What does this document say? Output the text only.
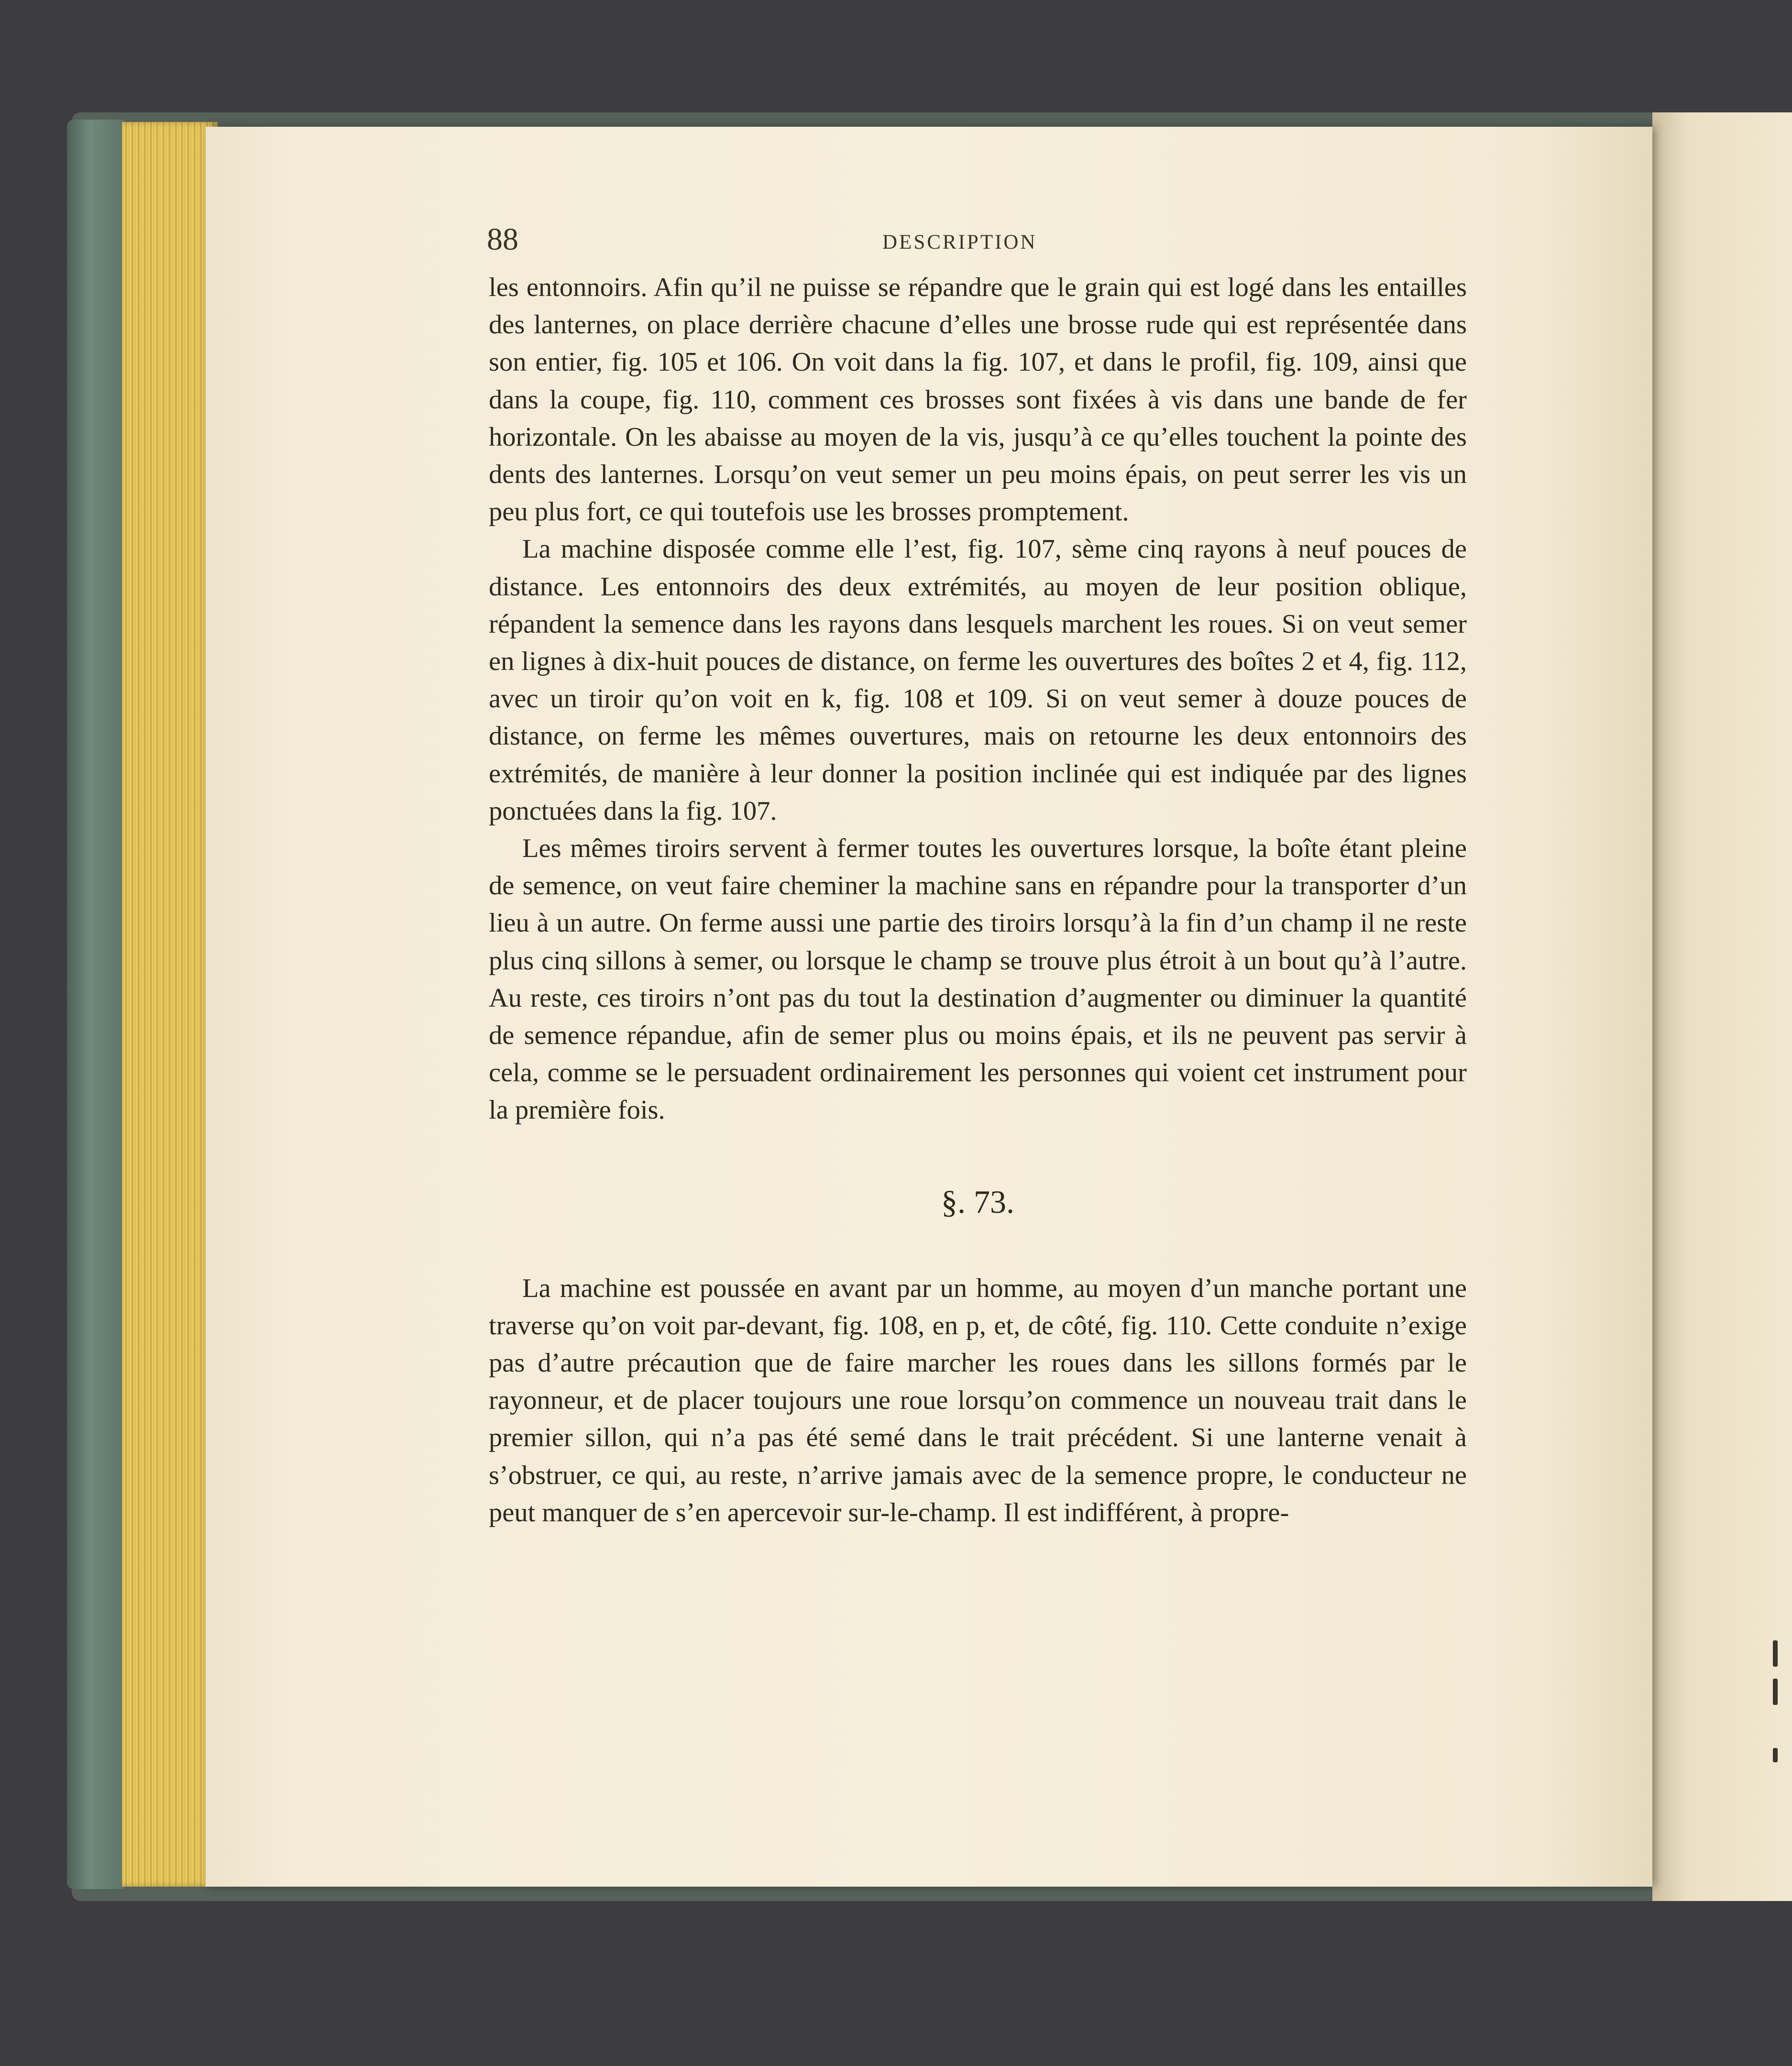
88	DESCRIPTION

les entonnoirs. Afin qu’il ne puisse se répandre que le grain qui est logé dans les entailles des lanternes, on place derrière chacune d’elles une brosse rude qui est représentée dans son entier, fig. 105 et 106. On voit dans la fig. 107, et dans le profil, fig. 109, ainsi que dans la coupe, fig. 110, comment ces brosses sont fixées à vis dans une bande de fer horizontale. On les abaisse au moyen de la vis, jusqu’à ce qu’elles touchent la pointe des dents des lanternes. Lorsqu’on veut semer un peu moins épais, on peut serrer les vis un peu plus fort, ce qui toutefois use les brosses promptement.

La machine disposée comme elle l’est, fig. 107, sème cinq rayons à neuf pouces de distance. Les entonnoirs des deux extrémités, au moyen de leur position oblique, répandent la semence dans les rayons dans lesquels marchent les roues. Si on veut semer en lignes à dix-huit pouces de distance, on ferme les ouvertures des boîtes 2 et 4, fig. 112, avec un tiroir qu’on voit en k, fig. 108 et 109. Si on veut semer à douze pouces de distance, on ferme les mêmes ouvertures, mais on retourne les deux entonnoirs des extrémités, de manière à leur donner la position inclinée qui est indiquée par des lignes ponctuées dans la fig. 107.

Les mêmes tiroirs servent à fermer toutes les ouvertures lorsque, la boîte étant pleine de semence, on veut faire cheminer la machine sans en répandre pour la transporter d’un lieu à un autre. On ferme aussi une partie des tiroirs lorsqu’à la fin d’un champ il ne reste plus cinq sillons à semer, ou lorsque le champ se trouve plus étroit à un bout qu’à l’autre. Au reste, ces tiroirs n’ont pas du tout la destination d’augmenter ou diminuer la quantité de semence répandue, afin de semer plus ou moins épais, et ils ne peuvent pas servir à cela, comme se le persuadent ordinairement les personnes qui voient cet instrument pour la première fois.

§. 73.

La machine est poussée en avant par un homme, au moyen d’un manche portant une traverse qu’on voit par-devant, fig. 108, en p, et, de côté, fig. 110. Cette conduite n’exige pas d’autre précaution que de faire marcher les roues dans les sillons formés par le rayonneur, et de placer toujours une roue lorsqu’on commence un nouveau trait dans le premier sillon, qui n’a pas été semé dans le trait précédent. Si une lanterne venait à s’obstruer, ce qui, au reste, n’arrive jamais avec de la semence propre, le conducteur ne peut manquer de s’en apercevoir sur-le-champ. Il est indifférent, à propre-
